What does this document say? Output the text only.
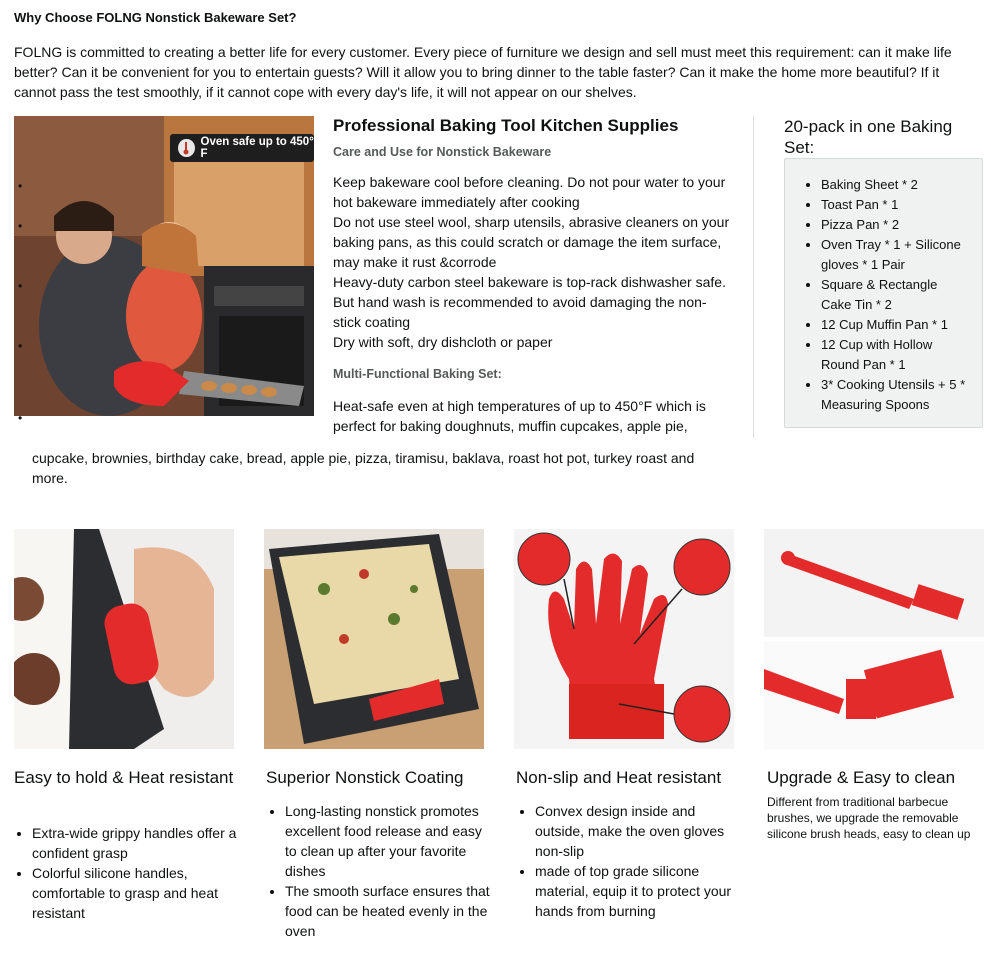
Why Choose FOLNG Nonstick Bakeware Set?
FOLNG is committed to creating a better life for every customer. Every piece of furniture we design and sell must meet this requirement: can it make life better? Can it be convenient for you to entertain guests? Will it allow you to bring dinner to the table faster? Can it make the home more beautiful? If it cannot pass the test smoothly, if it cannot cope with every day's life, it will not appear on our shelves.
Oven safe up to 450° F
•
•
•
•
•
Professional Baking Tool Kitchen Supplies
Care and Use for Nonstick Bakeware
Keep bakeware cool before cleaning. Do not pour water to your hot bakeware immediately after cooking
Do not use steel wool, sharp utensils, abrasive cleaners on your baking pans, as this could scratch or damage the item surface, may make it rust &corrode
Heavy-duty carbon steel bakeware is top-rack dishwasher safe. But hand wash is recommended to avoid damaging the non-stick coating
Dry with soft, dry dishcloth or paper
Multi-Functional Baking Set:
Heat-safe even at high temperatures of up to 450°F which is perfect for baking doughnuts, muffin cupcakes, apple pie,
cupcake, brownies, birthday cake, bread, apple pie, pizza, tiramisu, baklava, roast hot pot, turkey roast and more.
20-pack in one Baking Set:
• Baking Sheet * 2
• Toast Pan * 1
• Pizza Pan * 2
• Oven Tray * 1 + Silicone gloves * 1 Pair
• Square & Rectangle Cake Tin * 2
• 12 Cup Muffin Pan * 1
• 12 Cup with Hollow Round Pan * 1
• 3* Cooking Utensils + 5 * Measuring Spoons
Easy to hold & Heat resistant Superior Nonstick Coating	Non-slip and Heat resistant	Upgrade & Easy to clean
• Extra-wide grippy handles offer a confident grasp
• Colorful silicone handles, comfortable to grasp and heat resistant
• Long-lasting nonstick promotes excellent food release and easy to clean up after your favorite dishes
• The smooth surface ensures that food can be heated evenly in the oven
• Convex design inside and outside, make the oven gloves non-slip
• made of top grade silicone material, equip it to protect your hands from burning
Different from traditional barbecue brushes, we upgrade the removable silicone brush heads, easy to clean up
